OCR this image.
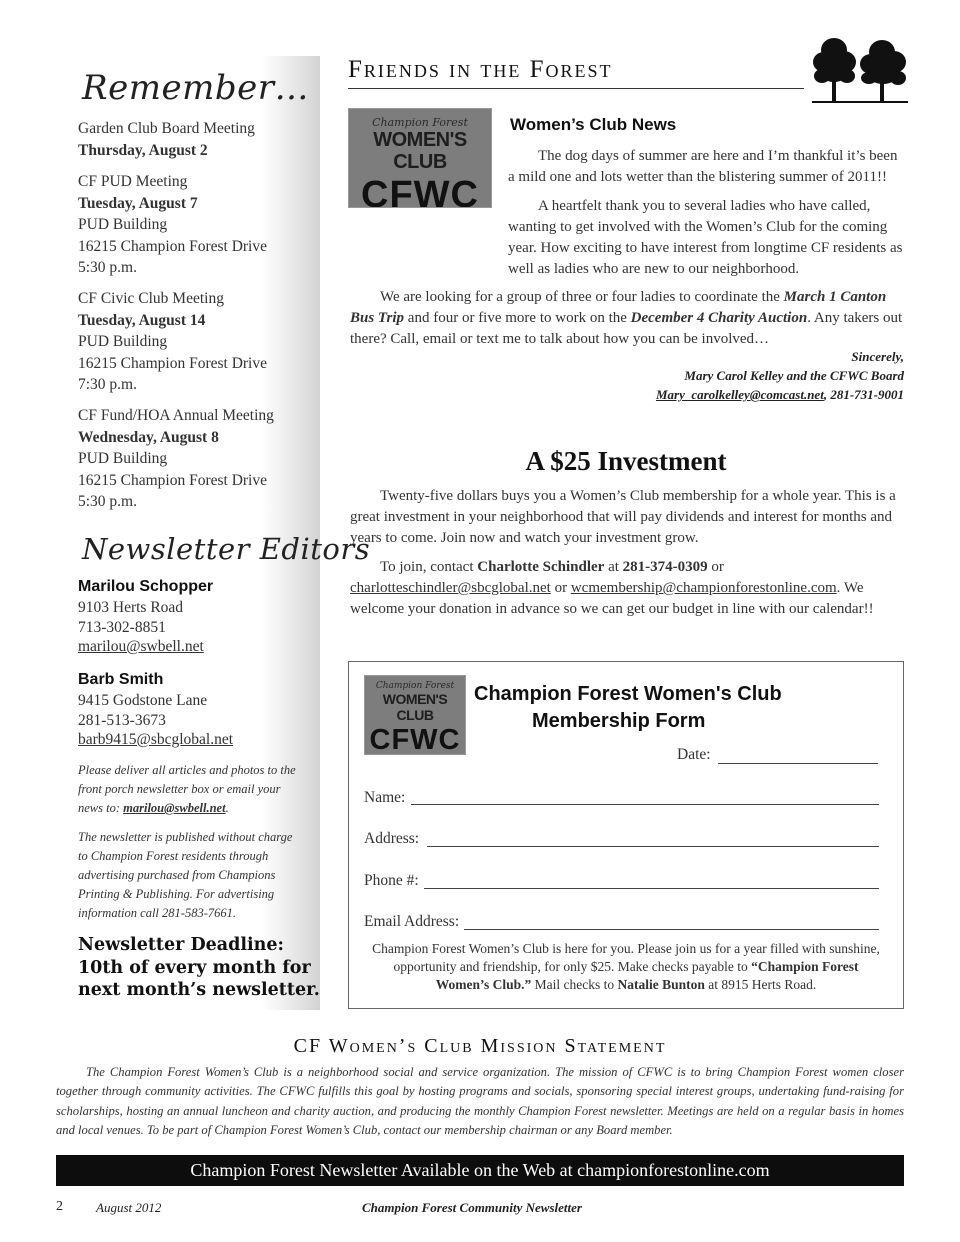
Remember…
Garden Club Board Meeting
Thursday, August 2
CF PUD Meeting
Tuesday, August 7
PUD Building
16215 Champion Forest Drive
5:30 p.m.
CF Civic Club Meeting
Tuesday, August 14
PUD Building
16215 Champion Forest Drive
7:30 p.m.
CF Fund/HOA Annual Meeting
Wednesday, August 8
PUD Building
16215 Champion Forest Drive
5:30 p.m.
Newsletter Editors
Marilou Schopper
9103 Herts Road
713-302-8851
marilou@swbell.net
Barb Smith
9415 Godstone Lane
281-513-3673
barb9415@sbcglobal.net
Please deliver all articles and photos to the front porch newsletter box or email your news to: marilou@swbell.net.
The newsletter is published without charge to Champion Forest residents through advertising purchased from Champions Printing & Publishing. For advertising information call 281-583-7661.
Newsletter Deadline:
10th of every month for
next month’s newsletter.
Friends in the Forest
Champion Forest
WOMEN'S CLUB
CFWC
Women’s Club News
The dog days of summer are here and I’m thankful it’s been a mild one and lots wetter than the blistering summer of 2011!!
A heartfelt thank you to several ladies who have called, wanting to get involved with the Women’s Club for the coming year. How exciting to have interest from longtime CF residents as well as ladies who are new to our neighborhood.
We are looking for a group of three or four ladies to coordinate the March 1 Canton Bus Trip and four or five more to work on the December 4 Charity Auction. Any takers out there? Call, email or text me to talk about how you can be involved…
Sincerely,
Mary Carol Kelley and the CFWC Board
Mary_carolkelley@comcast.net, 281-731-9001
A $25 Investment
Twenty-five dollars buys you a Women’s Club membership for a whole year. This is a great investment in your neighborhood that will pay dividends and interest for months and years to come. Join now and watch your investment grow.
To join, contact Charlotte Schindler at 281-374-0309 or charlotteschindler@sbcglobal.net or wcmembership@championforestonline.com. We welcome your donation in advance so we can get our budget in line with our calendar!!
Champion Forest
WOMEN'S CLUB
CFWC
Champion Forest Women's Club
Membership Form
Date:
Name:
Address:
Phone #:
Email Address:
Champion Forest Women’s Club is here for you. Please join us for a year filled with sunshine, opportunity and friendship, for only $25. Make checks payable to “Champion Forest Women’s Club.” Mail checks to Natalie Bunton at 8915 Herts Road.
CF Women’s Club Mission Statement
The Champion Forest Women’s Club is a neighborhood social and service organization. The mission of CFWC is to bring Champion Forest women closer together through community activities. The CFWC fulfills this goal by hosting programs and socials, sponsoring special interest groups, undertaking fund-raising for scholarships, hosting an annual luncheon and charity auction, and producing the monthly Champion Forest newsletter. Meetings are held on a regular basis in homes and local venues. To be part of Champion Forest Women’s Club, contact our membership chairman or any Board member.
Champion Forest Newsletter Available on the Web at championforestonline.com
2	August 2012	Champion Forest Community Newsletter
